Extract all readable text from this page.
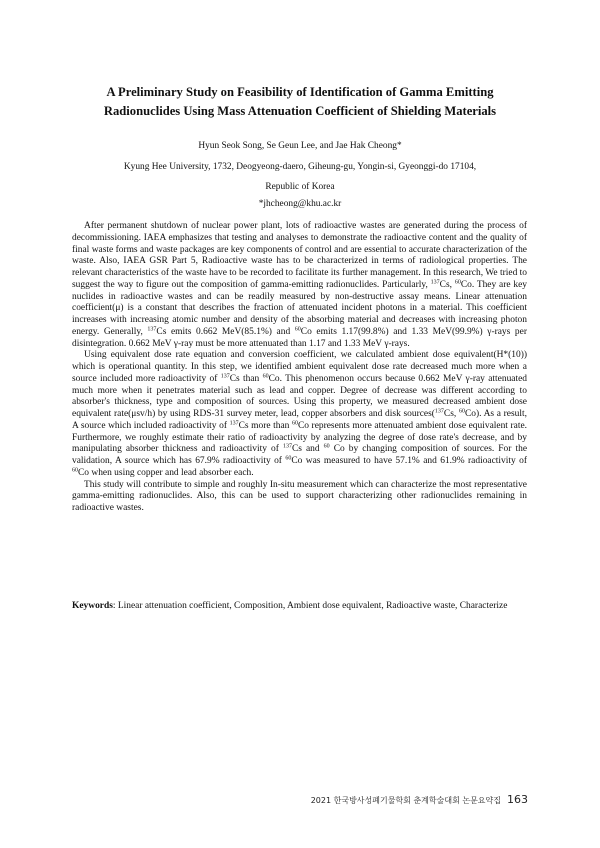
A Preliminary Study on Feasibility of Identification of Gamma Emitting
Radionuclides Using Mass Attenuation Coefficient of Shielding Materials
Hyun Seok Song, Se Geun Lee, and Jae Hak Cheong*
Kyung Hee University, 1732, Deogyeong-daero, Giheung-gu, Yongin-si, Gyeonggi-do 17104,
Republic of Korea
*jhcheong@khu.ac.kr

After permanent shutdown of nuclear power plant, lots of radioactive wastes are generated during the process of decommissioning. IAEA emphasizes that testing and analyses to demonstrate the radioactive content and the quality of final waste forms and waste packages are key components of control and are essential to accurate characterization of the waste. Also, IAEA GSR Part 5, Radioactive waste has to be characterized in terms of radiological properties. The relevant characteristics of the waste have to be recorded to facilitate its further management. In this research, We tried to suggest the way to figure out the composition of gamma-emitting radionuclides. Particularly, $^{137}$Cs, $^{60}$Co. They are key nuclides in radioactive wastes and can be readily measured by non-destructive assay means. Linear attenuation coefficient(μ) is a constant that describes the fraction of attenuated incident photons in a material. This coefficient increases with increasing atomic number and density of the absorbing material and decreases with increasing photon energy. Generally, $^{137}$Cs emits 0.662 MeV(85.1%) and $^{60}$Co emits 1.17(99.8%) and 1.33 MeV(99.9%) γ-rays per disintegration. 0.662 MeV γ-ray must be more attenuated than 1.17 and 1.33 MeV γ-rays.

Using equivalent dose rate equation and conversion coefficient, we calculated ambient dose equivalent(H*(10)) which is operational quantity. In this step, we identified ambient equivalent dose rate decreased much more when a source included more radioactivity of $^{137}$Cs than $^{60}$Co. This phenomenon occurs because 0.662 MeV γ-ray attenuated much more when it penetrates material such as lead and copper. Degree of decrease was different according to absorber's thickness, type and composition of sources. Using this property, we measured decreased ambient dose equivalent rate(μsv/h) by using RDS-31 survey meter, lead, copper absorbers and disk sources($^{137}$Cs, $^{60}$Co). As a result, A source which included radioactivity of $^{137}$Cs more than $^{60}$Co represents more attenuated ambient dose equivalent rate. Furthermore, we roughly estimate their ratio of radioactivity by analyzing the degree of dose rate's decrease, and by manipulating absorber thickness and radioactivity of $^{137}$Cs and $^{60}$ Co by changing composition of sources. For the validation, A source which has 67.9% radioactivity of $^{60}$Co was measured to have 57.1% and 61.9% radioactivity of $^{60}$Co when using copper and lead absorber each.

This study will contribute to simple and roughly In-situ measurement which can characterize the most representative gamma-emitting radionuclides. Also, this can be used to support characterizing other radionuclides remaining in radioactive wastes.

Keywords: Linear attenuation coefficient, Composition, Ambient dose equivalent, Radioactive waste, Characterize
2021 한국방사성폐기물학회 춘계학술대회 논문요약집 163
